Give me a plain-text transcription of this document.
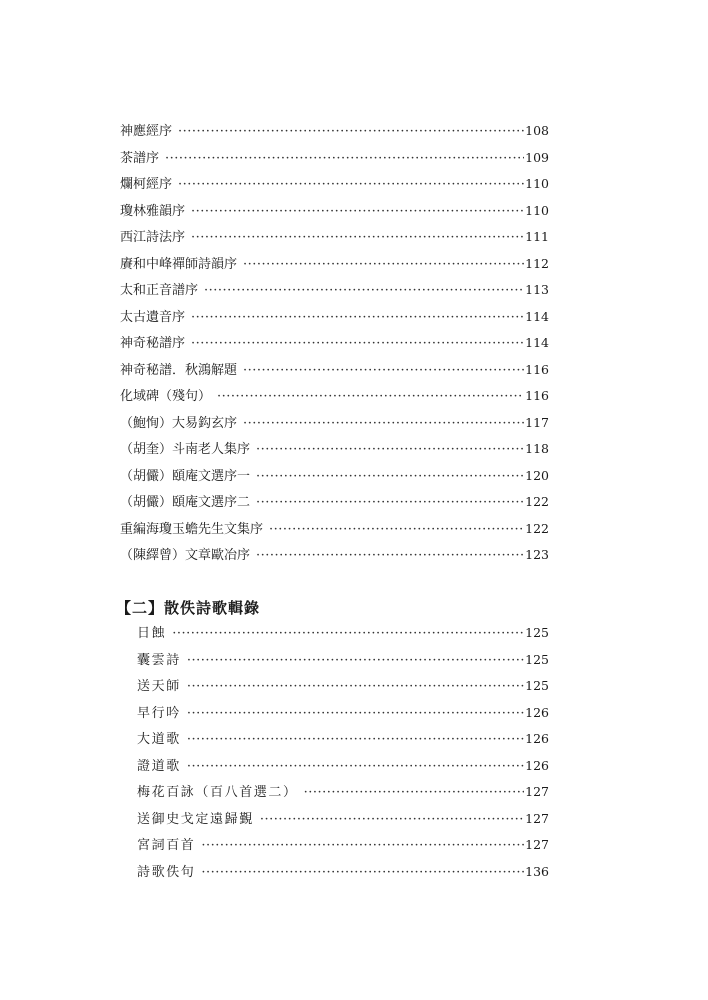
神應經序 ·····	108
茶譜序 ·····	109
爛柯經序 ·····	110
瓊林雅韻序 ·····	110
西江詩法序 ·····	111
賡和中峰禪師詩韻序 ·····	112
太和正音譜序 ·····	113
太古遺音序 ·····	114
神奇秘譜序 ·····	114
神奇秘譜．秋鴻解題 ·····	116
化域碑（殘句） ·····	116
（鮑恂）大易鈎玄序 ·····	117
（胡奎）斗南老人集序 ·····	118
（胡儼）頤庵文選序一 ·····	120
（胡儼）頤庵文選序二 ·····	122
重編海瓊玉蟾先生文集序 ·····	122
（陳繹曾）文章歐冶序 ·····	123
【二】散佚詩歌輯錄
日蝕 ·····	125
囊雲詩 ·····	125
送天師 ·····	125
早行吟 ·····	126
大道歌 ·····	126
證道歌 ·····	126
梅花百詠（百八首選二） ·····	127
送御史戈定遠歸覲 ·····	127
宮詞百首 ·····	127
詩歌佚句 ·····	136
